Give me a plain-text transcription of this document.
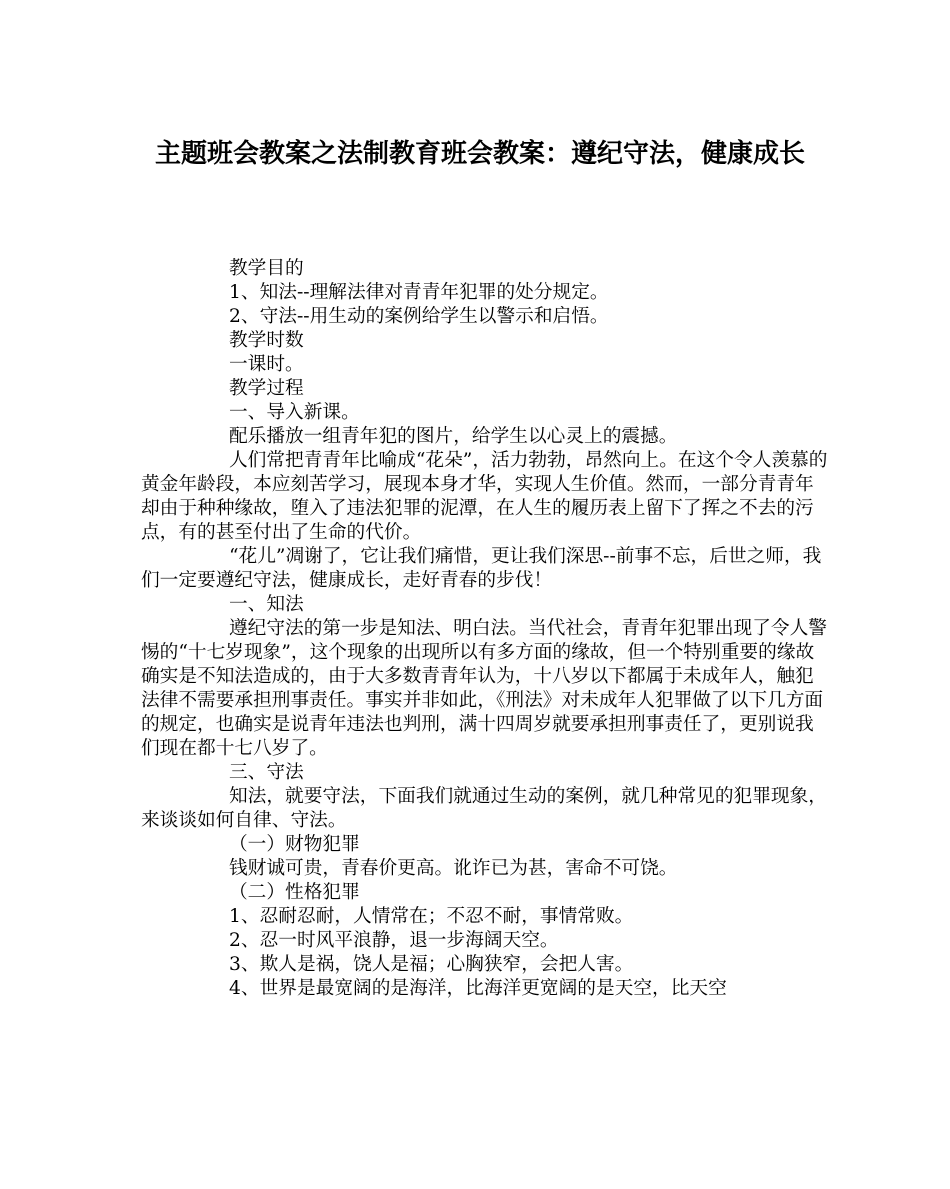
主题班会教案之法制教育班会教案：遵纪守法，健康成长

教学目的

1、知法--理解法律对青青年犯罪的处分规定。

2、守法--用生动的案例给学生以警示和启悟。

教学时数

一课时。

教学过程

一、导入新课。

配乐播放一组青年犯的图片，给学生以心灵上的震撼。

人们常把青青年比喻成“花朵”，活力勃勃，昂然向上。在这个令人羡慕的黄金年龄段，本应刻苦学习，展现本身才华，实现人生价值。然而，一部分青青年却由于种种缘故，堕入了违法犯罪的泥潭，在人生的履历表上留下了挥之不去的污点，有的甚至付出了生命的代价。

“花儿”凋谢了，它让我们痛惜，更让我们深思--前事不忘，后世之师，我们一定要遵纪守法，健康成长，走好青春的步伐！

一、知法

遵纪守法的第一步是知法、明白法。当代社会，青青年犯罪出现了令人警惕的“十七岁现象”，这个现象的出现所以有多方面的缘故，但一个特别重要的缘故确实是不知法造成的，由于大多数青青年认为，十八岁以下都属于未成年人，触犯法律不需要承担刑事责任。事实并非如此，《刑法》对未成年人犯罪做了以下几方面的规定，也确实是说青年违法也判刑，满十四周岁就要承担刑事责任了，更别说我们现在都十七八岁了。

三、守法

知法，就要守法，下面我们就通过生动的案例，就几种常见的犯罪现象，来谈谈如何自律、守法。

（一）财物犯罪

钱财诚可贵，青春价更高。讹诈已为甚，害命不可饶。

（二）性格犯罪

1、忍耐忍耐，人情常在；不忍不耐，事情常败。

2、忍一时风平浪静，退一步海阔天空。

3、欺人是祸，饶人是福；心胸狭窄，会把人害。

4、世界是最宽阔的是海洋，比海洋更宽阔的是天空，比天空
